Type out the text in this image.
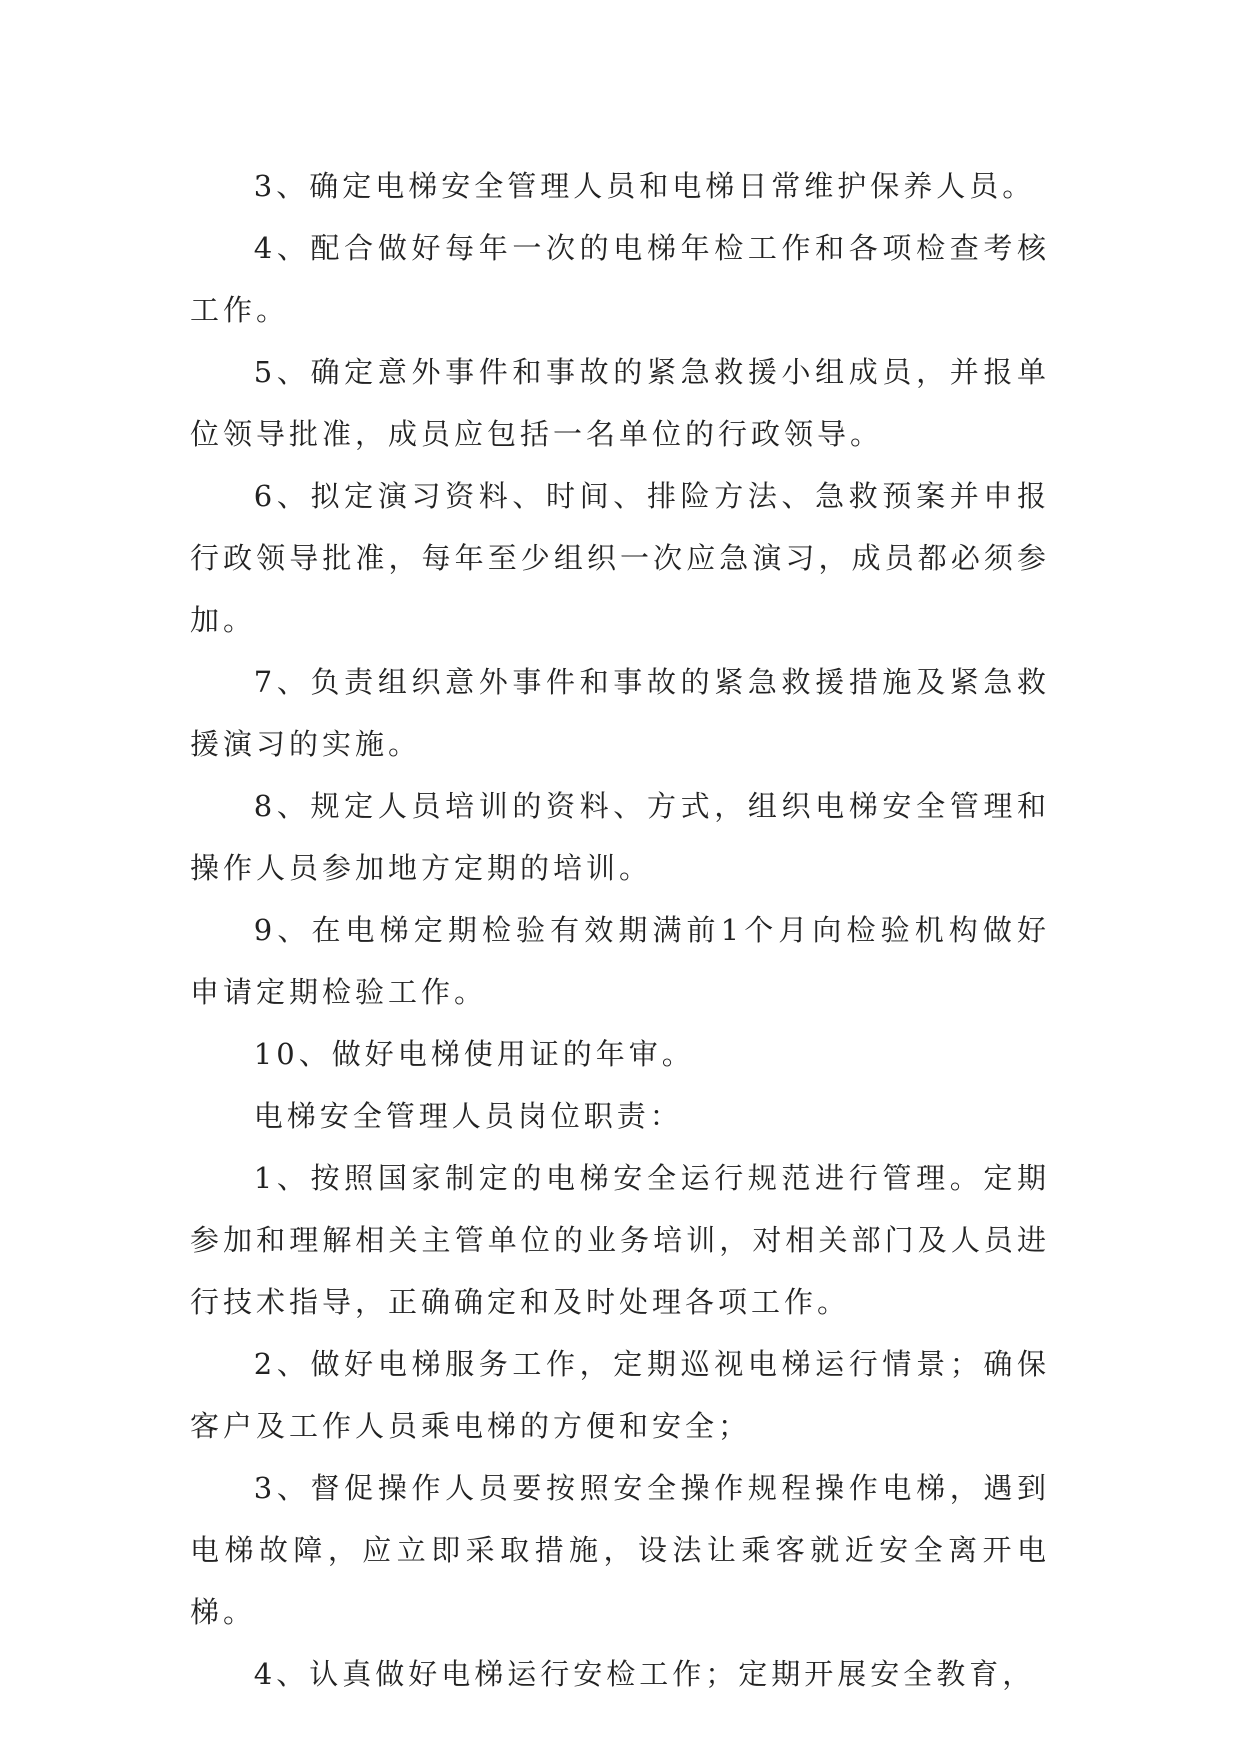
3、确定电梯安全管理人员和电梯日常维护保养人员。

4、配合做好每年一次的电梯年检工作和各项检查考核工作。

5、确定意外事件和事故的紧急救援小组成员，并报单位领导批准，成员应包括一名单位的行政领导。

6、拟定演习资料、时间、排险方法、急救预案并申报行政领导批准，每年至少组织一次应急演习，成员都必须参加。

7、负责组织意外事件和事故的紧急救援措施及紧急救援演习的实施。

8、规定人员培训的资料、方式，组织电梯安全管理和操作人员参加地方定期的培训。

9、在电梯定期检验有效期满前1个月向检验机构做好申请定期检验工作。

10、做好电梯使用证的年审。

电梯安全管理人员岗位职责：

1、按照国家制定的电梯安全运行规范进行管理。定期参加和理解相关主管单位的业务培训，对相关部门及人员进行技术指导，正确确定和及时处理各项工作。

2、做好电梯服务工作，定期巡视电梯运行情景；确保客户及工作人员乘电梯的方便和安全；

3、督促操作人员要按照安全操作规程操作电梯，遇到电梯故障，应立即采取措施，设法让乘客就近安全离开电梯。

4、认真做好电梯运行安检工作；定期开展安全教育，
